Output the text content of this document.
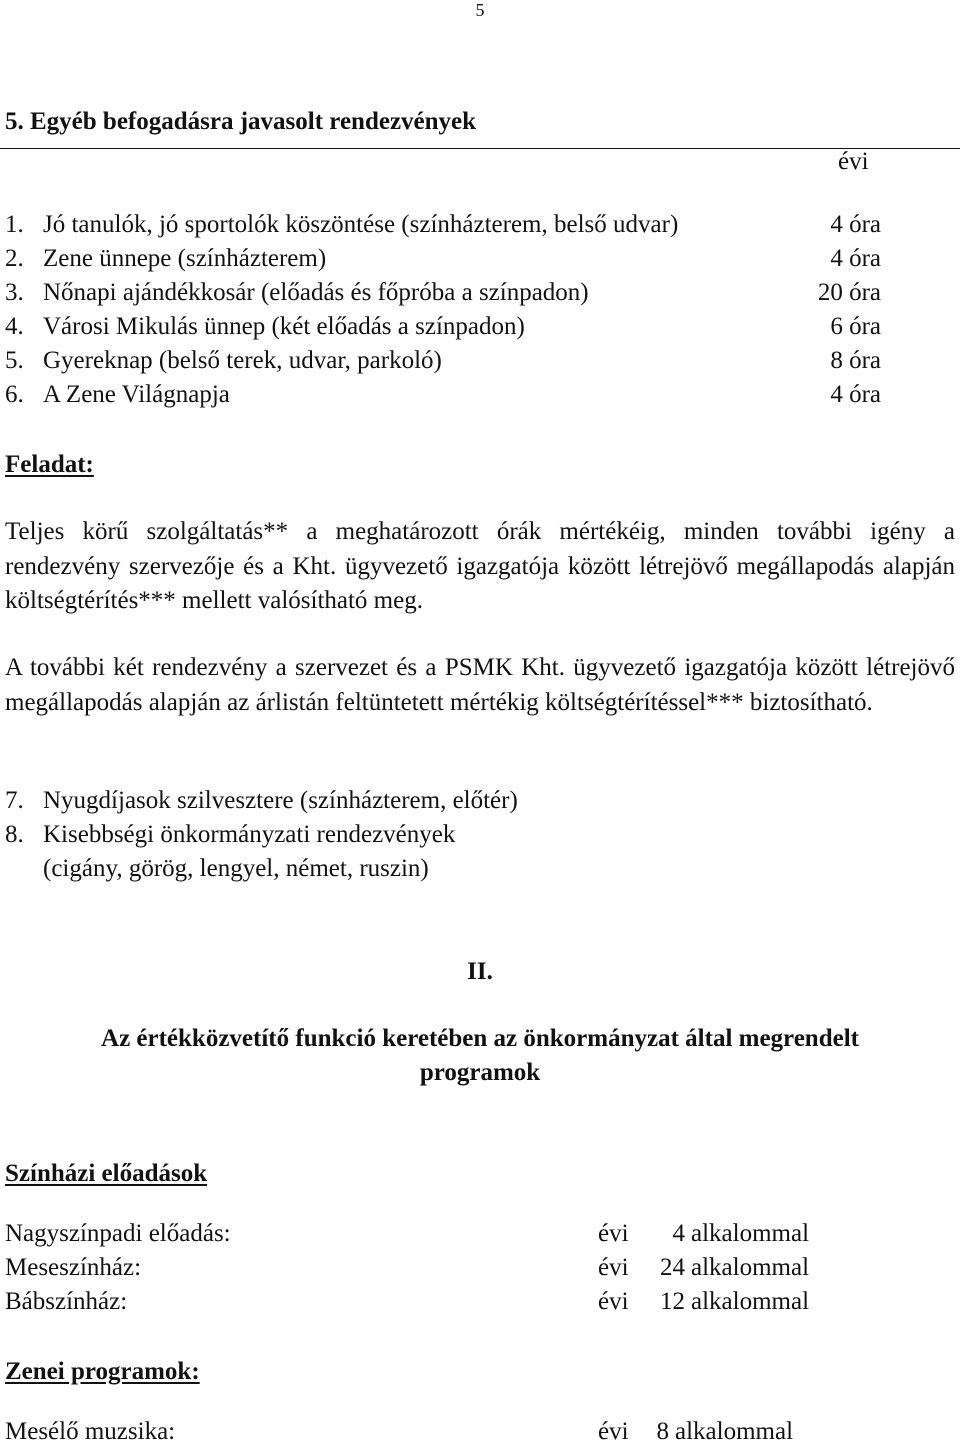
5
5. Egyéb befogadásra javasolt rendezvények
évi
1. Jó tanulók, jó sportolók köszöntése (színházterem, belső udvar)	4 óra
2. Zene ünnepe (színházterem)	4 óra
3. Nőnapi ajándékkosár (előadás és főpróba a színpadon)	20 óra
4. Városi Mikulás ünnep (két előadás a színpadon)	6 óra
5. Gyereknap (belső terek, udvar, parkoló)	8 óra
6. A Zene Világnapja	4 óra
Feladat:

Teljes körű szolgáltatás** a meghatározott órák mértékéig, minden további igény a rendezvény szervezője és a Kht. ügyvezető igazgatója között létrejövő megállapodás alapján költségtérítés*** mellett valósítható meg.

A további két rendezvény a szervezet és a PSMK Kht. ügyvezető igazgatója között létrejövő megállapodás alapján az árlistán feltüntetett mértékig költségtérítéssel*** biztosítható.

7. Nyugdíjasok szilvesztere (színházterem, előtér)
8. Kisebbségi önkormányzati rendezvények
(cigány, görög, lengyel, német, ruszin)
II.
Az értékközvetítő funkció keretében az önkormányzat által megrendelt
programok
Színházi előadások
Nagyszínpadi előadás:	évi	4 alkalommal
Meseszínház:	évi	24 alkalommal
Bábszínház:	évi	12 alkalommal
Zenei programok:
Mesélő muzsika:	évi	8 alkalommal
